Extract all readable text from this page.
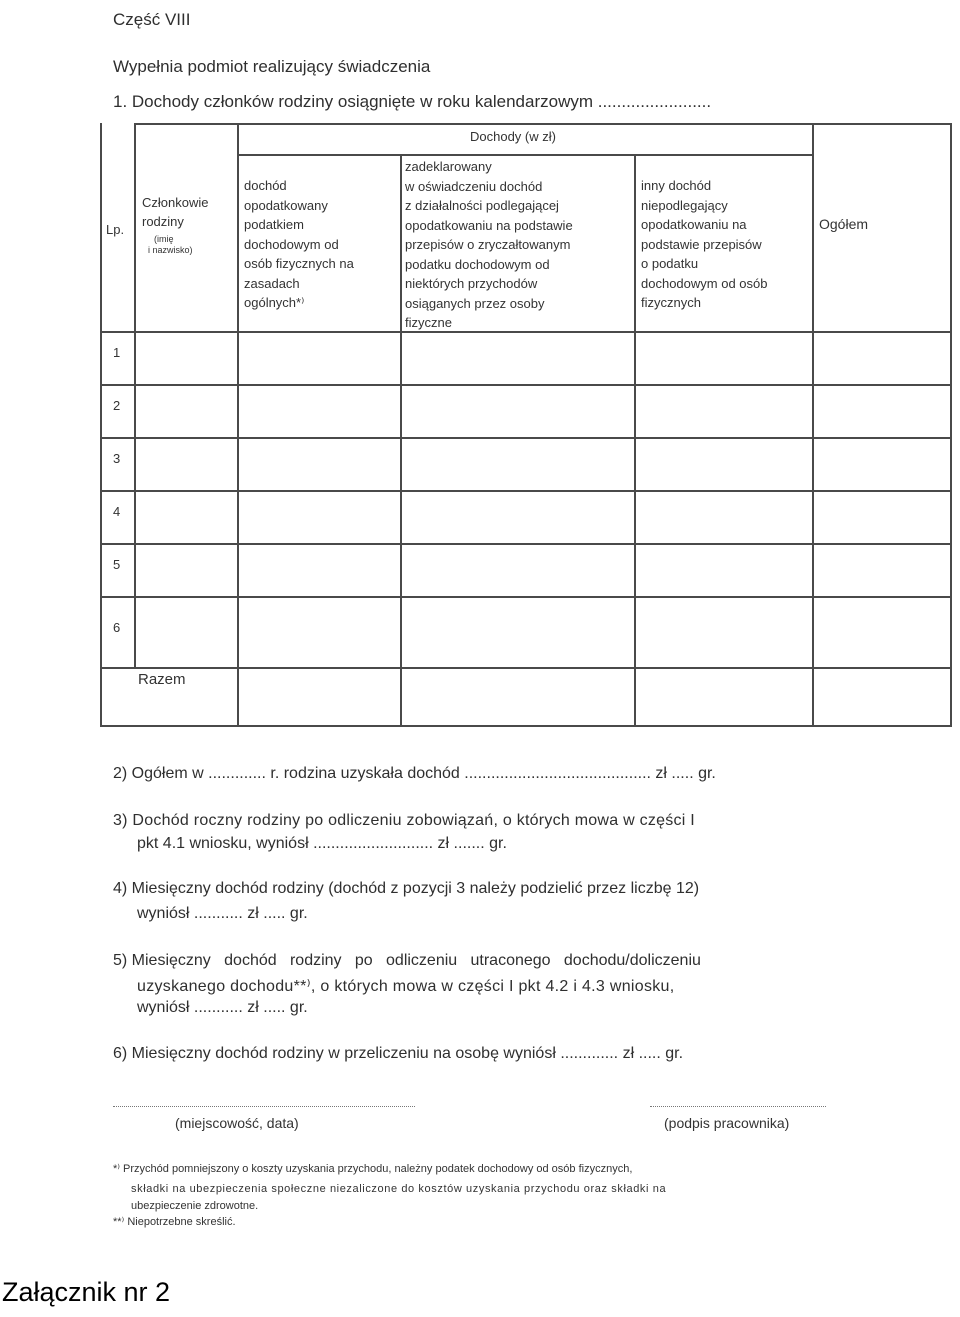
Część VIII
Wypełnia podmiot realizujący świadczenia
1. Dochody członków rodziny osiągnięte w roku kalendarzowym ........................
Dochody (w zł)
Lp.
Członkowie
rodziny
(imię
i nazwisko)
dochód
opodatkowany
podatkiem
dochodowym od
osób fizycznych na
zasadach
ogólnych*⁾
zadeklarowany
w oświadczeniu dochód
z działalności podlegającej
opodatkowaniu na podstawie
przepisów o zryczałtowanym
podatku dochodowym od
niektórych przychodów
osiąganych przez osoby
fizyczne
inny dochód
niepodlegający
opodatkowaniu na
podstawie przepisów
o podatku
dochodowym od osób
fizycznych
Ogółem
1
2
3
4
5
6
Razem
2) Ogółem w ............. r. rodzina uzyskała dochód .......................................... zł ..... gr.
3) Dochód roczny rodziny po odliczeniu zobowiązań, o których mowa w części I
pkt 4.1 wniosku, wyniósł ........................... zł ....... gr.
4) Miesięczny dochód rodziny (dochód z pozycji 3 należy podzielić przez liczbę 12)
wyniósł ........... zł ..... gr.
5) Miesięczny   dochód   rodziny   po   odliczeniu   utraconego   dochodu/doliczeniu
uzyskanego dochodu**⁾, o których mowa w części I pkt 4.2 i 4.3 wniosku,
wyniósł ........... zł ..... gr.
6) Miesięczny dochód rodziny w przeliczeniu na osobę wyniósł ............. zł ..... gr.
(miejscowość, data)	(podpis pracownika)
*⁾ Przychód pomniejszony o koszty uzyskania przychodu, należny podatek dochodowy od osób fizycznych,
składki na ubezpieczenia społeczne niezaliczone do kosztów uzyskania przychodu oraz składki na
ubezpieczenie zdrowotne.
**⁾ Niepotrzebne skreślić.
Załącznik nr 2
